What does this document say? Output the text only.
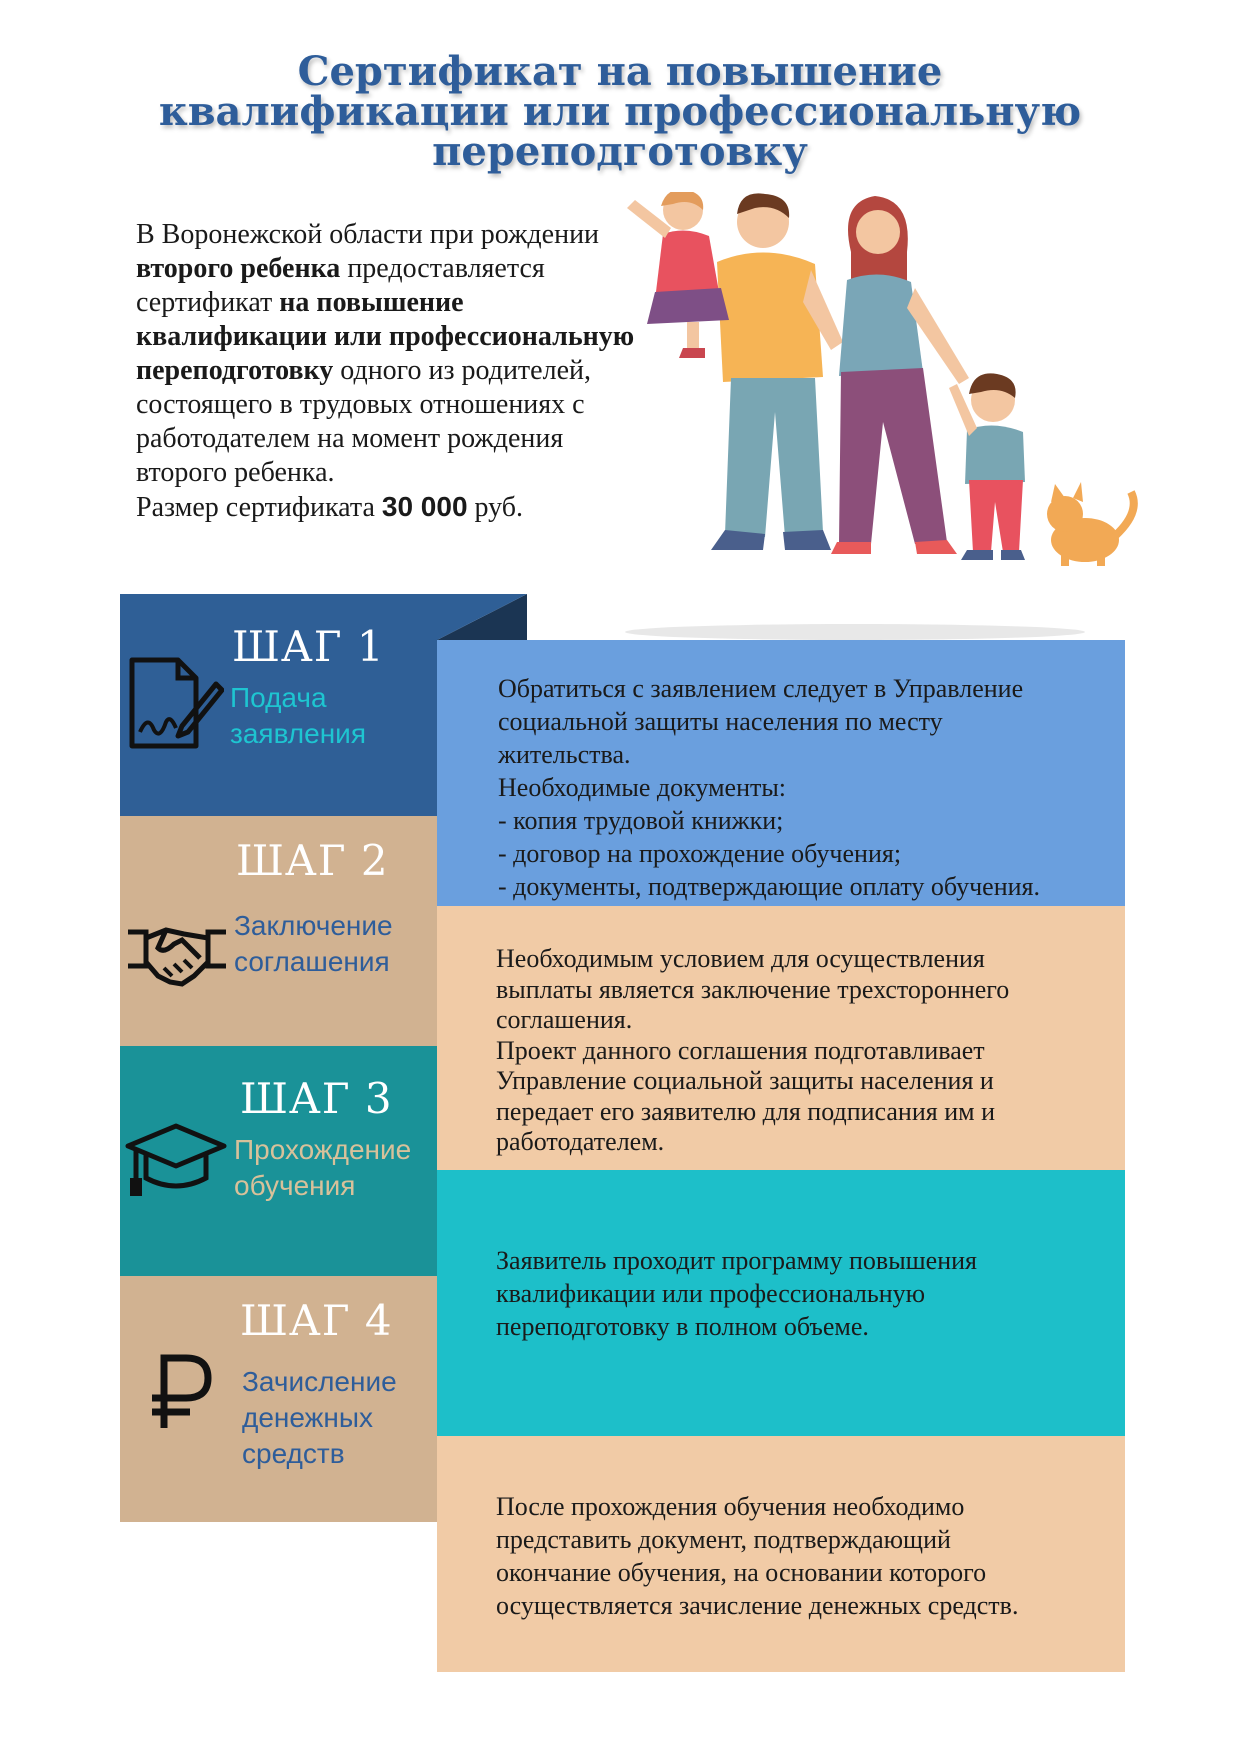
Сертификат на повышение
квалификации или профессиональную
переподготовку
В Воронежской области при рождении второго ребенка предоставляется сертификат на повышение квалификации или профессиональную переподготовку одного из родителей, состоящего в трудовых отношениях с работодателем на момент рождения второго ребенка.
Размер сертификата 30 000 руб.
ШАГ 1
Подача
заявления
ШАГ 2
Заключение
соглашения
ШАГ 3
Прохождение
обучения
ШАГ 4
Зачисление
денежных
средств

Обратиться с заявлением следует в Управление

социальной защиты населения по месту

жительства.

Необходимые документы:

- копия трудовой книжки;

- договор на прохождение обучения;

- документы, подтверждающие оплату обучения.

Необходимым условием для осуществления

выплаты является заключение трехстороннего

соглашения.

Проект данного соглашения подготавливает

Управление социальной защиты населения и

передает его заявителю для подписания им и

работодателем.

Заявитель проходит программу повышения

квалификации или профессиональную

переподготовку в полном объеме.

После прохождения обучения необходимо

представить документ, подтверждающий

окончание обучения, на основании которого

осуществляется зачисление денежных средств.
